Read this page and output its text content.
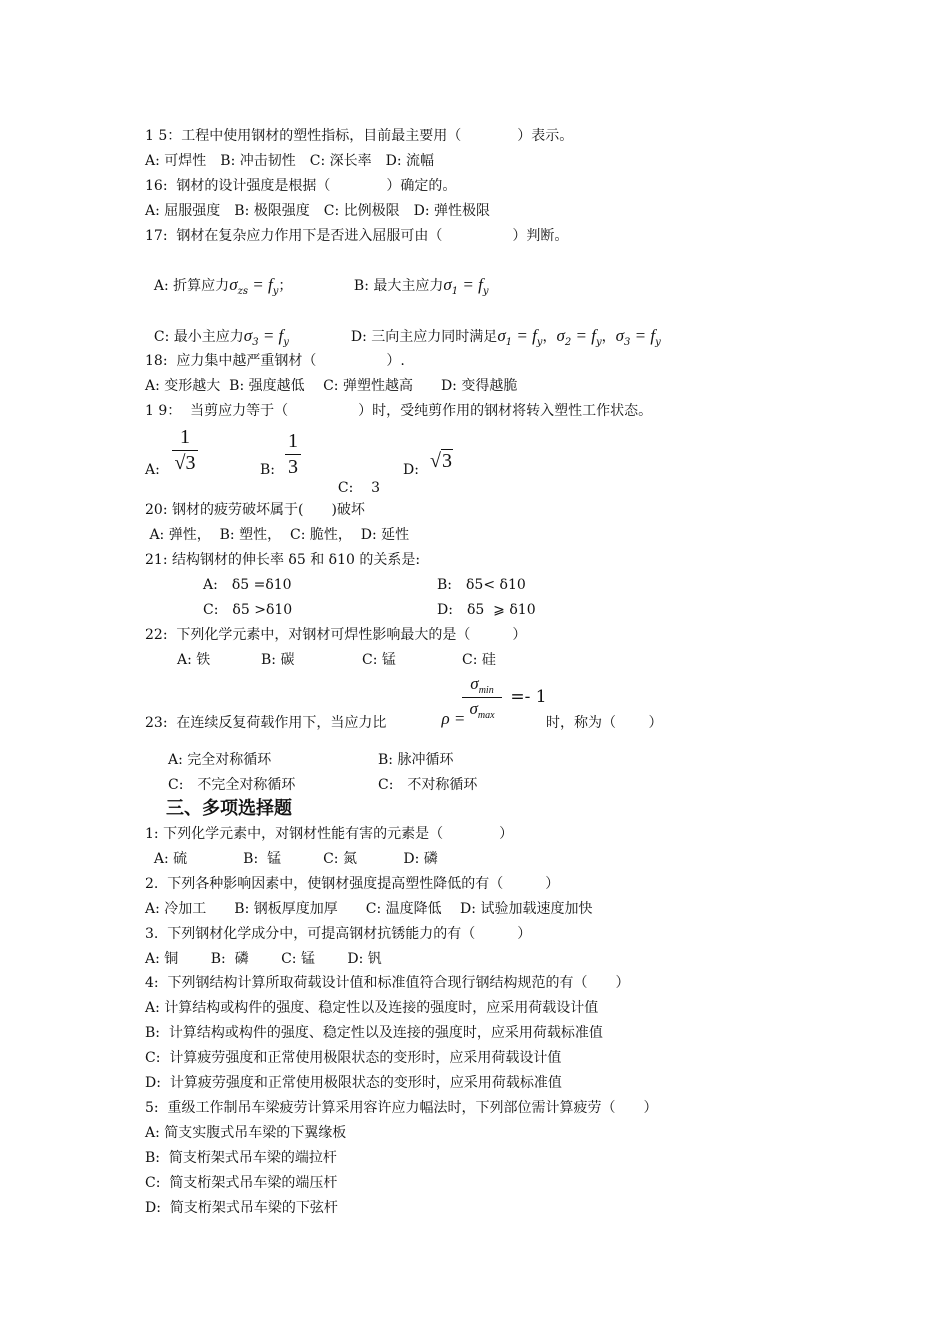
1 5：工程中使用钢材的塑性指标，目前最主要用（　　　　）表示。
A: 可焊性　B: 冲击韧性　C: 深长率　D: 流幅
16:  钢材的设计强度是根据（　　　　）确定的。
A: 屈服强度　B: 极限强度　C: 比例极限　D: 弹性极限
17:  钢材在复杂应力作用下是否进入屈服可由（　　　　　）判断。

A: 折算应力$\sigma_{zs} = f_y$；	B: 最大主应力$\sigma_1 = f_y$

C: 最小主应力$\sigma_3 = f_y$	D: 三向主应力同时满足$\sigma_1 = f_y$，$\sigma_2 = f_y$，$\sigma_3 = f_y$

18:  应力集中越严重钢材（　　　　　）.
A: 变形越大  B: 强度越低　 C: 弹塑性越高　　D: 变得越脆
1 9：  当剪应力等于（　　　　　）时，受纯剪作用的钢材将转入塑性工作状态。
A:
1
√3	B:
1
3

C: 3

D: √3
20: 钢材的疲劳破坏属于(　　)破坏
A: 弹性，  B: 塑性，  C: 脆性，  D: 延性
21: 结构钢材的伸长率 δ5 和 δ10 的关系是:
A:　δ5 =δ10	B:　δ5< δ10
C:　δ5 >δ10	D:　δ5  ⩾ δ10
22:  下列化学元素中，对钢材可焊性影响最大的是（　　　）
A: 铁	B: 碳	C: 锰	C: 硅
23:  在连续反复荷载作用下，当应力比	ρ =

$\sigma_{min}$
$\sigma_{max}$
=- 1
时，称为（　　 ）
A: 完全对称循环	B: 脉冲循环
C:　不完全对称循环	C:　不对称循环
三、多项选择题
1: 下列化学元素中，对钢材性能有害的元素是（　　　　）
A: 硫　　　　B:  锰　　　C: 氮　　　 D: 磷
2.  下列各种影响因素中，使钢材强度提高塑性降低的有（　　　）
A: 冷加工　　B: 钢板厚度加厚　　C: 温度降低　 D: 试验加载速度加快
3.  下列钢材化学成分中，可提高钢材抗锈能力的有（　　　）
A: 铜　　 B:  磷　　 C: 锰　　 D: 钒
4:  下列钢结构计算所取荷载设计值和标准值符合现行钢结构规范的有（　　）
A: 计算结构或构件的强度、稳定性以及连接的强度时，应采用荷载设计值
B:  计算结构或构件的强度、稳定性以及连接的强度时，应采用荷载标准值
C:  计算疲劳强度和正常使用极限状态的变形时，应采用荷载设计值
D:  计算疲劳强度和正常使用极限状态的变形时，应采用荷载标准值
5:  重级工作制吊车梁疲劳计算采用容许应力幅法时，下列部位需计算疲劳（　　）
A: 简支实腹式吊车梁的下翼缘板
B:  简支桁架式吊车梁的端拉杆
C:  简支桁架式吊车梁的端压杆
D:  简支桁架式吊车梁的下弦杆
